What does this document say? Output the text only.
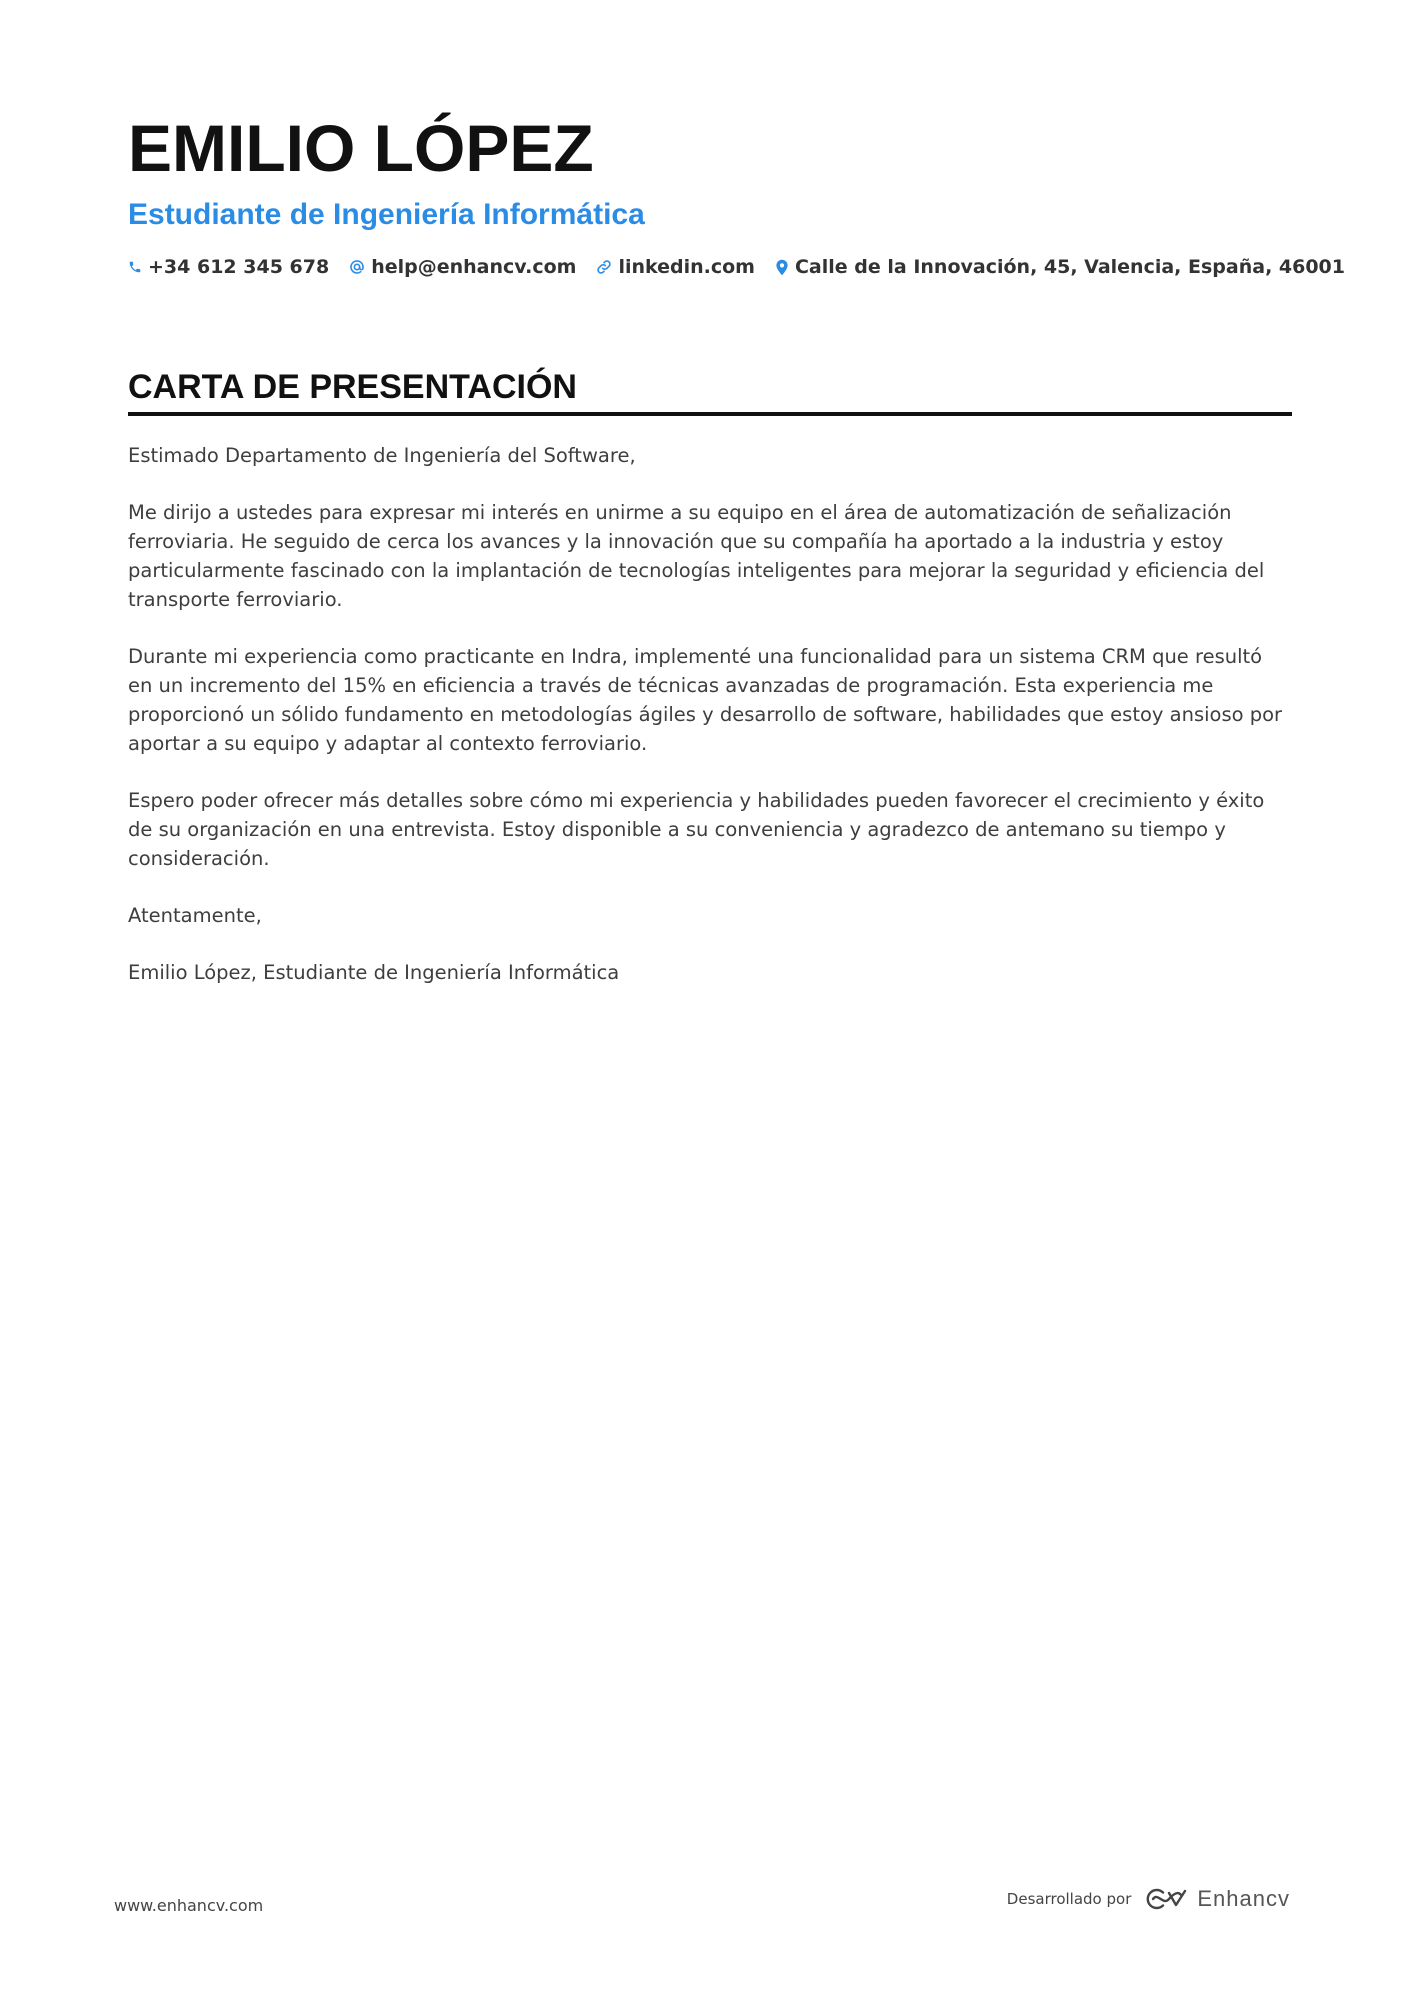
EMILIO LÓPEZ
Estudiante de Ingeniería Informática
+34 612 345 678 help@enhancv.com linkedin.com Calle de la Innovación, 45, Valencia, España, 46001
CARTA DE PRESENTACIÓN

Estimado Departamento de Ingeniería del Software,

Me dirijo a ustedes para expresar mi interés en unirme a su equipo en el área de automatización de señalización ferroviaria. He seguido de cerca los avances y la innovación que su compañía ha aportado a la industria y estoy particularmente fascinado con la implantación de tecnologías inteligentes para mejorar la seguridad y eficiencia del transporte ferroviario.

Durante mi experiencia como practicante en Indra, implementé una funcionalidad para un sistema CRM que resultó en un incremento del 15% en eficiencia a través de técnicas avanzadas de programación. Esta experiencia me proporcionó un sólido fundamento en metodologías ágiles y desarrollo de software, habilidades que estoy ansioso por aportar a su equipo y adaptar al contexto ferroviario.

Espero poder ofrecer más detalles sobre cómo mi experiencia y habilidades pueden favorecer el crecimiento y éxito de su organización en una entrevista. Estoy disponible a su conveniencia y agradezco de antemano su tiempo y consideración.

Atentamente,

Emilio López, Estudiante de Ingeniería Informática

www.enhancv.com	Desarrollado por	Enhancv
